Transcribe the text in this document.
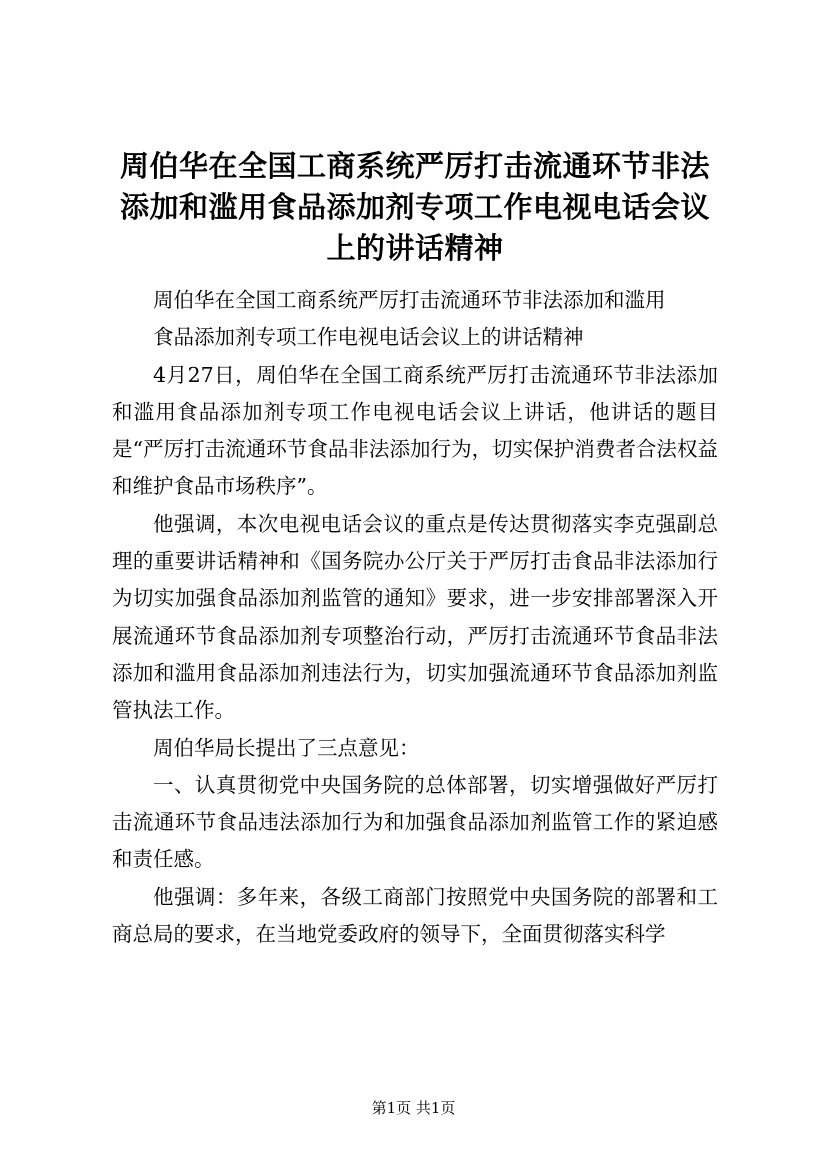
周伯华在全国工商系统严厉打击流通环节非法
添加和滥用食品添加剂专项工作电视电话会议
上的讲话精神
周伯华在全国工商系统严厉打击流通环节非法添加和滥用
食品添加剂专项工作电视电话会议上的讲话精神

4月27日，周伯华在全国工商系统严厉打击流通环节非法添加和滥用食品添加剂专项工作电视电话会议上讲话，他讲话的题目是“严厉打击流通环节食品非法添加行为，切实保护消费者合法权益和维护食品市场秩序”。

他强调，本次电视电话会议的重点是传达贯彻落实李克强副总理的重要讲话精神和《国务院办公厅关于严厉打击食品非法添加行为切实加强食品添加剂监管的通知》要求，进一步安排部署深入开展流通环节食品添加剂专项整治行动，严厉打击流通环节食品非法添加和滥用食品添加剂违法行为，切实加强流通环节食品添加剂监管执法工作。

周伯华局长提出了三点意见：

一、认真贯彻党中央国务院的总体部署，切实增强做好严厉打击流通环节食品违法添加行为和加强食品添加剂监管工作的紧迫感和责任感。

他强调：多年来，各级工商部门按照党中央国务院的部署和工商总局的要求，在当地党委政府的领导下，全面贯彻落实科学

第1页 共1页
